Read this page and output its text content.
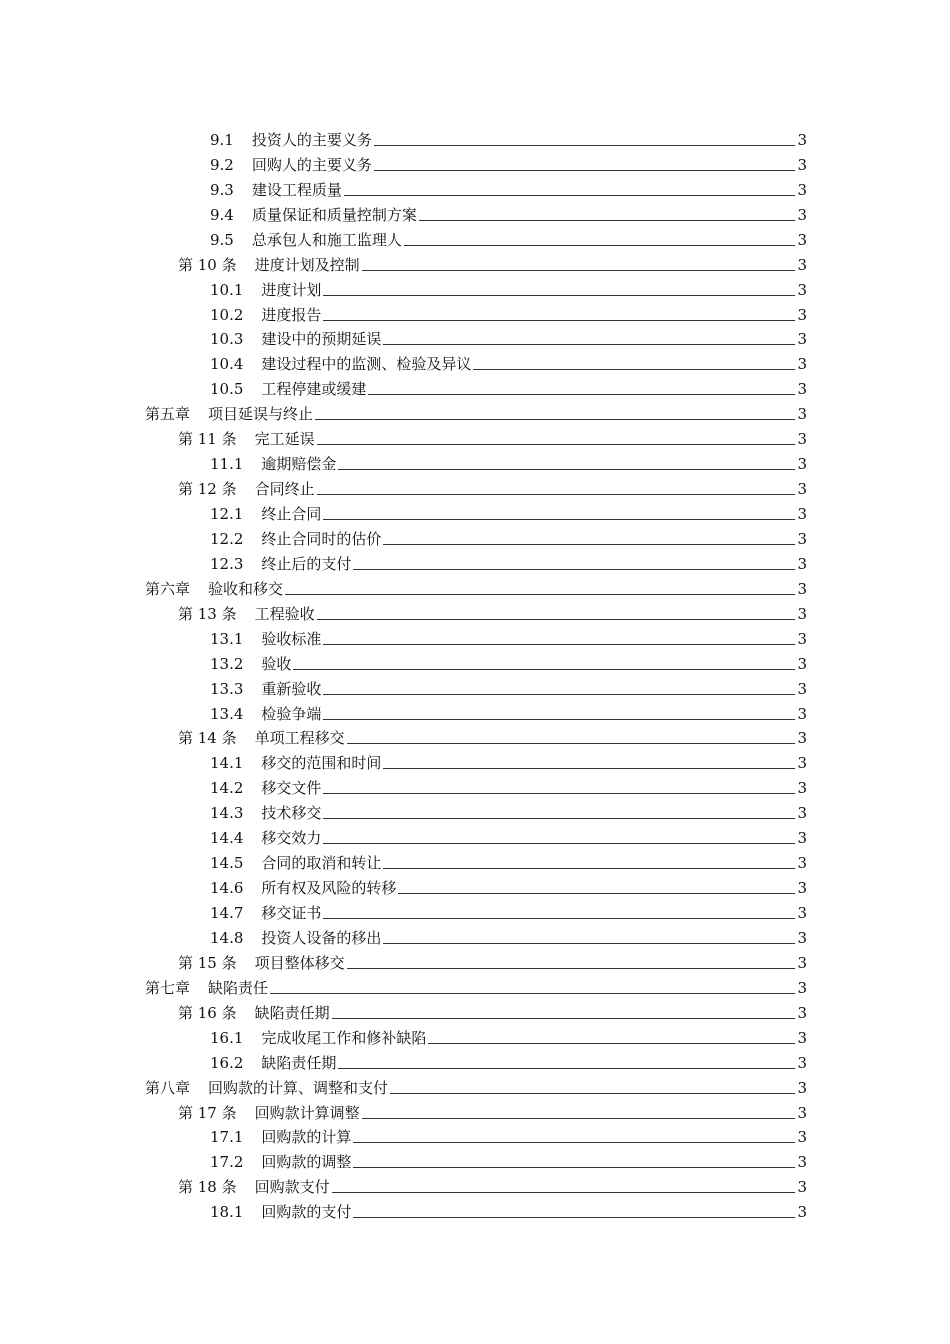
9.1 投资人的主要义务	3
9.2 回购人的主要义务	3
9.3 建设工程质量	3
9.4 质量保证和质量控制方案	3
9.5 总承包人和施工监理人	3
第 10 条 进度计划及控制	3
10.1 进度计划	3
10.2 进度报告	3
10.3 建设中的预期延误	3
10.4 建设过程中的监测、检验及异议	3
10.5 工程停建或缓建	3
第五章 项目延误与终止	3
第 11 条 完工延误	3
11.1 逾期赔偿金	3
第 12 条 合同终止	3
12.1 终止合同	3
12.2 终止合同时的估价	3
12.3 终止后的支付	3
第六章 验收和移交	3
第 13 条 工程验收	3
13.1 验收标准	3
13.2 验收	3
13.3 重新验收	3
13.4 检验争端	3
第 14 条 单项工程移交	3
14.1 移交的范围和时间	3
14.2 移交文件	3
14.3 技术移交	3
14.4 移交效力	3
14.5 合同的取消和转让	3
14.6 所有权及风险的转移	3
14.7 移交证书	3
14.8 投资人设备的移出	3
第 15 条 项目整体移交	3
第七章 缺陷责任	3
第 16 条 缺陷责任期	3
16.1 完成收尾工作和修补缺陷	3
16.2 缺陷责任期	3
第八章 回购款的计算、调整和支付	3
第 17 条 回购款计算调整	3
17.1 回购款的计算	3
17.2 回购款的调整	3
第 18 条 回购款支付	3
18.1 回购款的支付	3
